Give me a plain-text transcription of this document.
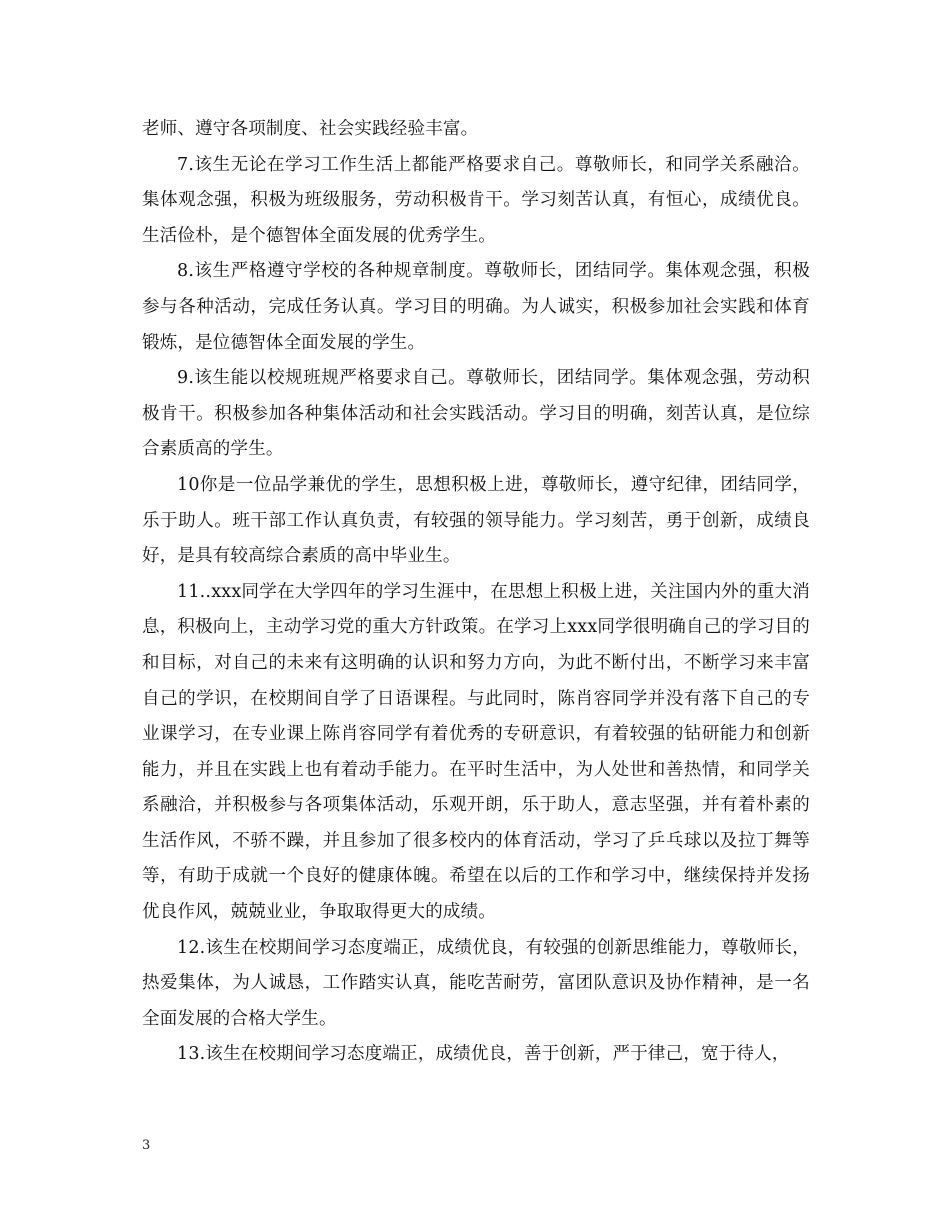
老师、遵守各项制度、社会实践经验丰富。

7.该生无论在学习工作生活上都能严格要求自己。尊敬师长，和同学关系融洽。集体观念强，积极为班级服务，劳动积极肯干。学习刻苦认真，有恒心，成绩优良。生活俭朴，是个德智体全面发展的优秀学生。

8.该生严格遵守学校的各种规章制度。尊敬师长，团结同学。集体观念强，积极参与各种活动，完成任务认真。学习目的明确。为人诚实，积极参加社会实践和体育锻炼，是位德智体全面发展的学生。

9.该生能以校规班规严格要求自己。尊敬师长，团结同学。集体观念强，劳动积极肯干。积极参加各种集体活动和社会实践活动。学习目的明确，刻苦认真，是位综合素质高的学生。

10你是一位品学兼优的学生，思想积极上进，尊敬师长，遵守纪律，团结同学，乐于助人。班干部工作认真负责，有较强的领导能力。学习刻苦，勇于创新，成绩良好，是具有较高综合素质的高中毕业生。

11..xxx同学在大学四年的学习生涯中，在思想上积极上进，关注国内外的重大消息，积极向上，主动学习党的重大方针政策。在学习上xxx同学很明确自己的学习目的和目标，对自己的未来有这明确的认识和努力方向，为此不断付出，不断学习来丰富自己的学识，在校期间自学了日语课程。与此同时，陈肖容同学并没有落下自己的专业课学习，在专业课上陈肖容同学有着优秀的专研意识，有着较强的钻研能力和创新能力，并且在实践上也有着动手能力。在平时生活中，为人处世和善热情，和同学关系融洽，并积极参与各项集体活动，乐观开朗，乐于助人，意志坚强，并有着朴素的生活作风，不骄不躁，并且参加了很多校内的体育活动，学习了乒乓球以及拉丁舞等等，有助于成就一个良好的健康体魄。希望在以后的工作和学习中，继续保持并发扬优良作风，兢兢业业，争取取得更大的成绩。

12.该生在校期间学习态度端正，成绩优良，有较强的创新思维能力，尊敬师长，热爱集体，为人诚恳，工作踏实认真，能吃苦耐劳，富团队意识及协作精神，是一名全面发展的合格大学生。

13.该生在校期间学习态度端正，成绩优良，善于创新，严于律己，宽于待人，

3
